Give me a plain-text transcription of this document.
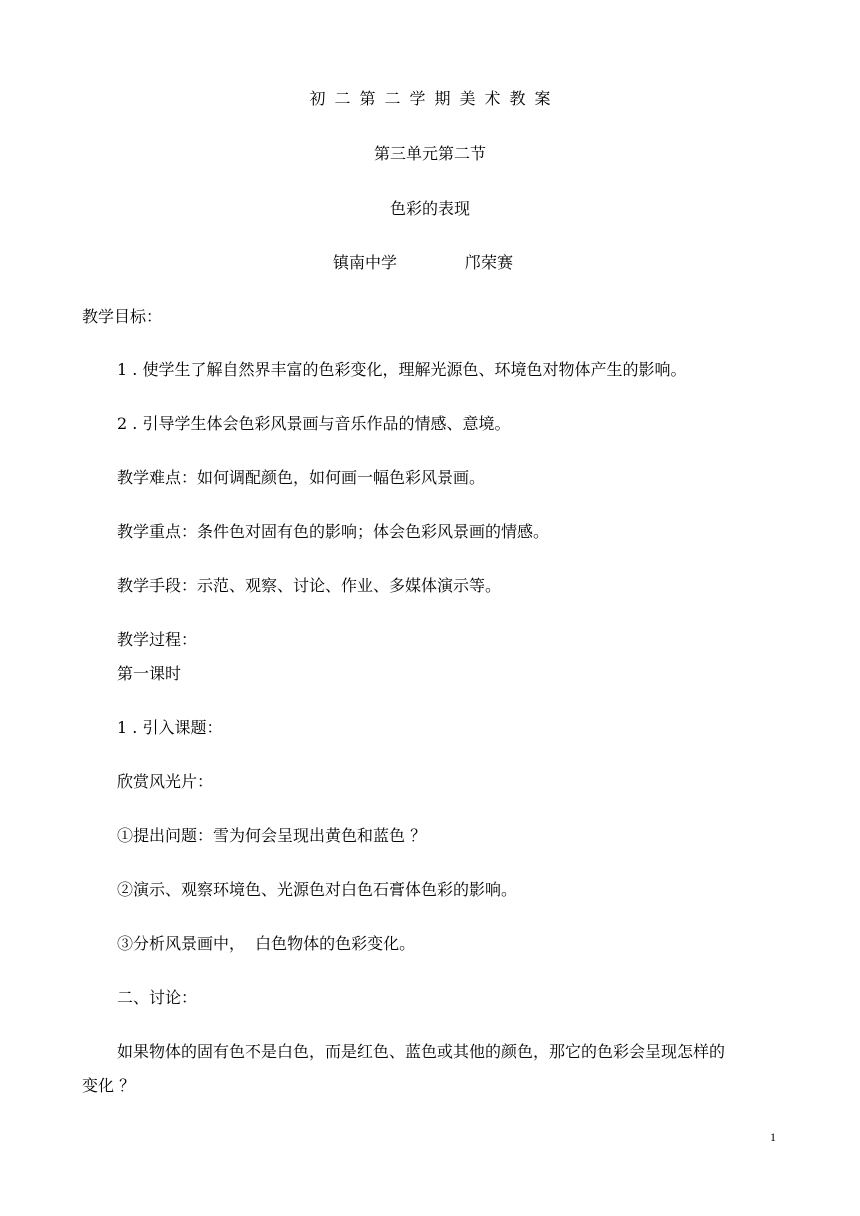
初二第二学期美术教案
第三单元第二节
色彩的表现
镇南中学	邝荣赛
教学目标：
1 . 使学生了解自然界丰富的色彩变化，理解光源色、环境色对物体产生的影响。
2 . 引导学生体会色彩风景画与音乐作品的情感、意境。
教学难点：如何调配颜色，如何画一幅色彩风景画。
教学重点：条件色对固有色的影响；体会色彩风景画的情感。
教学手段：示范、观察、讨论、作业、多媒体演示等。
教学过程：
第一课时
1 . 引入课题：
欣赏风光片：
①提出问题：雪为何会呈现出黄色和蓝色 ？
②演示、观察环境色、光源色对白色石膏体色彩的影响。
③分析风景画中，  白色物体的色彩变化。
二、讨论：
如果物体的固有色不是白色，而是红色、蓝色或其他的颜色，那它的色彩会呈现怎样的
变化 ？
1
